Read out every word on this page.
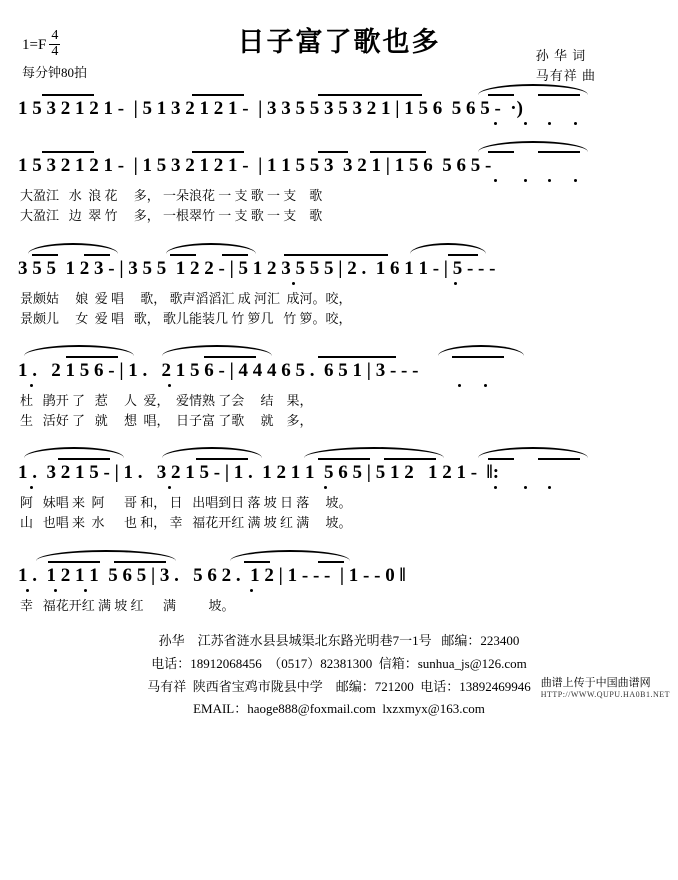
$1=F \frac{4}{4}$
每分钟80拍
日子富了歌也多	孙 华 词
马有祥 曲

1 5 3 2 1 2 1 -  | 5 1 3 2 1 2 1 -  | 3 3 5 5 3 5 3 2 1 | 1 5 6  5 6 5 -  ·)

1 5 3 2 1 2 1 -  | 1 5 3 2 1 2 1 -  | 1 1 5 5 3  3 2 1 | 1 5 6  5 6 5 -

大盈江   水  浪 花     多， 一朵浪花 一 支 歌 一 支    歌

大盈江   边  翠 竹     多， 一根翠竹 一 支 歌 一 支    歌

3 5 5  1 2 3 - | 3 5 5  1 2 2 - | 5 1 2 3 5 5 5 | 2 .  1 6 1 1 - | 5 - - -

景颇姑     娘  爱 唱     歌， 歌声滔滔汇 成 河汇  成河。咬，

景颇儿     女  爱 唱   歌， 歌儿能装几 竹 箩几   竹 箩。咬，

1 .   2 1 5 6 - | 1 .   2 1 5 6 - | 4 4 4 6 5 .  6 5 1 | 3 - - -

杜   鹃开 了   惹     人  爱，  爱情熟 了会     结    果，

生   活好 了   就     想  唱，  日子富 了歌     就    多，

1 .  3 2 1 5 - | 1 .   3 2 1 5 - | 1 .  1 2 1 1  5 6 5 | 5 1 2   1 2 1 -  ‖:

阿   妹唱 来  阿      哥 和， 日   出唱到日 落 坡 日 落     坡。

山   也唱 来  水      也 和， 幸   福花开红 满 坡 红 满     坡。

1 .  1 2 1 1  5 6 5 | 3 .   5 6 2 .  1 2 | 1 - - -  | 1 - - 0 ‖

幸   福花开红 满 坡 红      满          坡。

孙华    江苏省涟水县县城渠北东路光明巷7一1号   邮编：223400
电话：18912068456  （0517）82381300  信箱：sunhua_js@126.com
马有祥  陕西省宝鸡市陇县中学    邮编：721200  电话：13892469946
EMAIL：haoge888@foxmail.com  lxzxmyx@163.com
曲谱上传于中国曲谱网
HTTP://WWW.QUPU.HA0B1.NET
